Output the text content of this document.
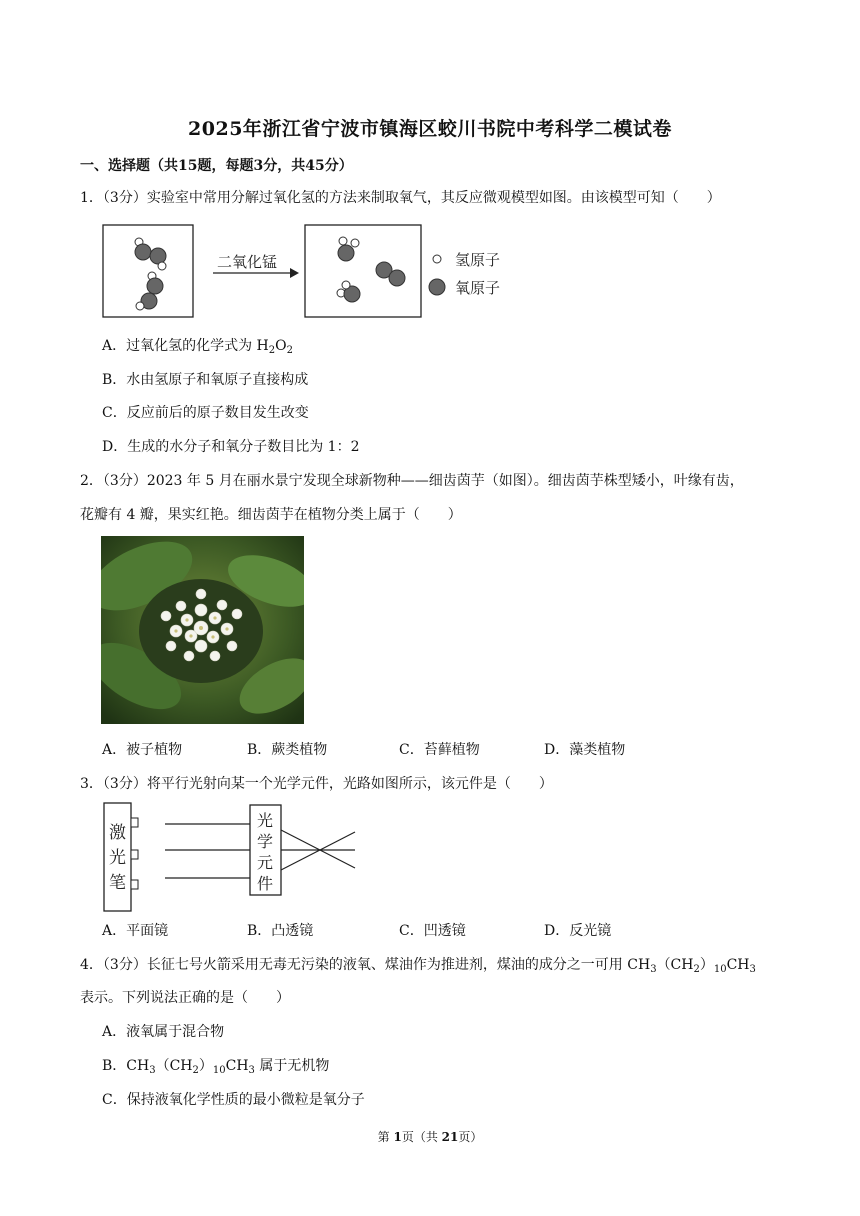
2025年浙江省宁波市镇海区蛟川书院中考科学二模试卷
一、选择题（共15题，每题3分，共45分）
1．（3分）实验室中常用分解过氧化氢的方法来制取氧气，其反应微观模型如图。由该模型可知（　　）
二氧化锰	氢原子
氧原子
A．过氧化氢的化学式为 $H_2O_2$
B．水由氢原子和氧原子直接构成
C．反应前后的原子数目发生改变
D．生成的水分子和氧分子数目比为 1：2
2．（3分）2023 年 5 月在丽水景宁发现全球新物种——细齿茵芋（如图）。细齿茵芋株型矮小，叶缘有齿，
花瓣有 4 瓣，果实红艳。细齿茵芋在植物分类上属于（　　）
A．被子植物	B．蕨类植物	C．苔藓植物	D．藻类植物
3．（3分）将平行光射向某一个光学元件，光路如图所示，该元件是（　　）
激
光
笔
光
学
元
件
A．平面镜	B．凸透镜	C．凹透镜	D．反光镜
4．（3分）长征七号火箭采用无毒无污染的液氧、煤油作为推进剂，煤油的成分之一可用 $CH_3(CH_2)_{10}CH_3$
表示。下列说法正确的是（　　）
A．液氧属于混合物
B．$CH_3(CH_2)_{10}CH_3$ 属于无机物
C．保持液氧化学性质的最小微粒是氧分子
第 1页（共 21页）
